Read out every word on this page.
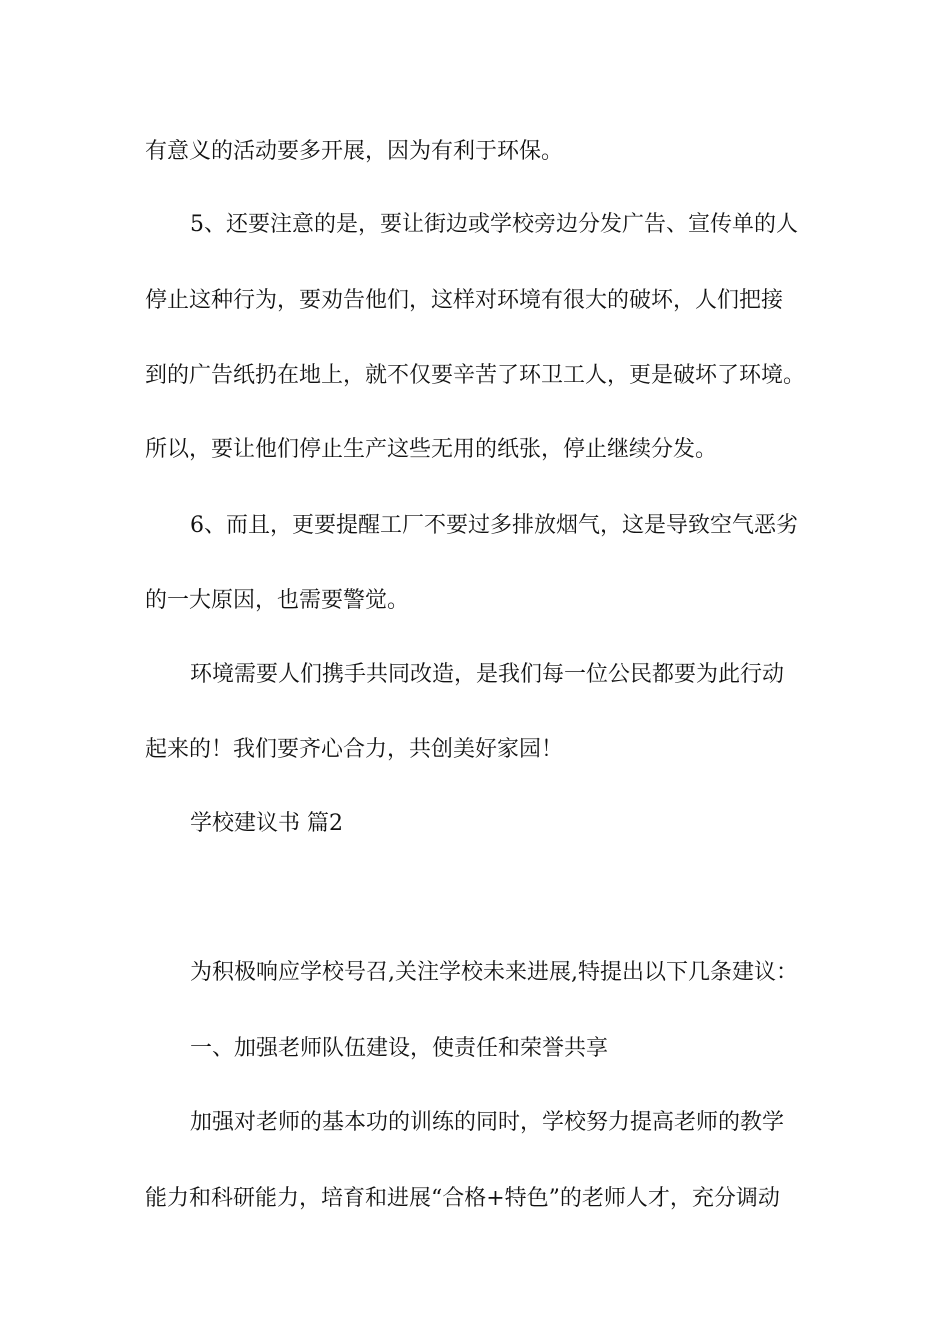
有意义的活动要多开展，因为有利于环保。
5、还要注意的是，要让街边或学校旁边分发广告、宣传单的人
停止这种行为，要劝告他们，这样对环境有很大的破坏，人们把接
到的广告纸扔在地上，就不仅要辛苦了环卫工人，更是破坏了环境。
所以，要让他们停止生产这些无用的纸张，停止继续分发。
6、而且，更要提醒工厂不要过多排放烟气，这是导致空气恶劣
的一大原因，也需要警觉。
环境需要人们携手共同改造，是我们每一位公民都要为此行动
起来的！我们要齐心合力，共创美好家园！
学校建议书 篇2
为积极响应学校号召,关注学校未来进展,特提出以下几条建议：
一、加强老师队伍建设，使责任和荣誉共享
加强对老师的基本功的训练的同时，学校努力提高老师的教学
能力和科研能力，培育和进展“合格+特色”的老师人才，充分调动
